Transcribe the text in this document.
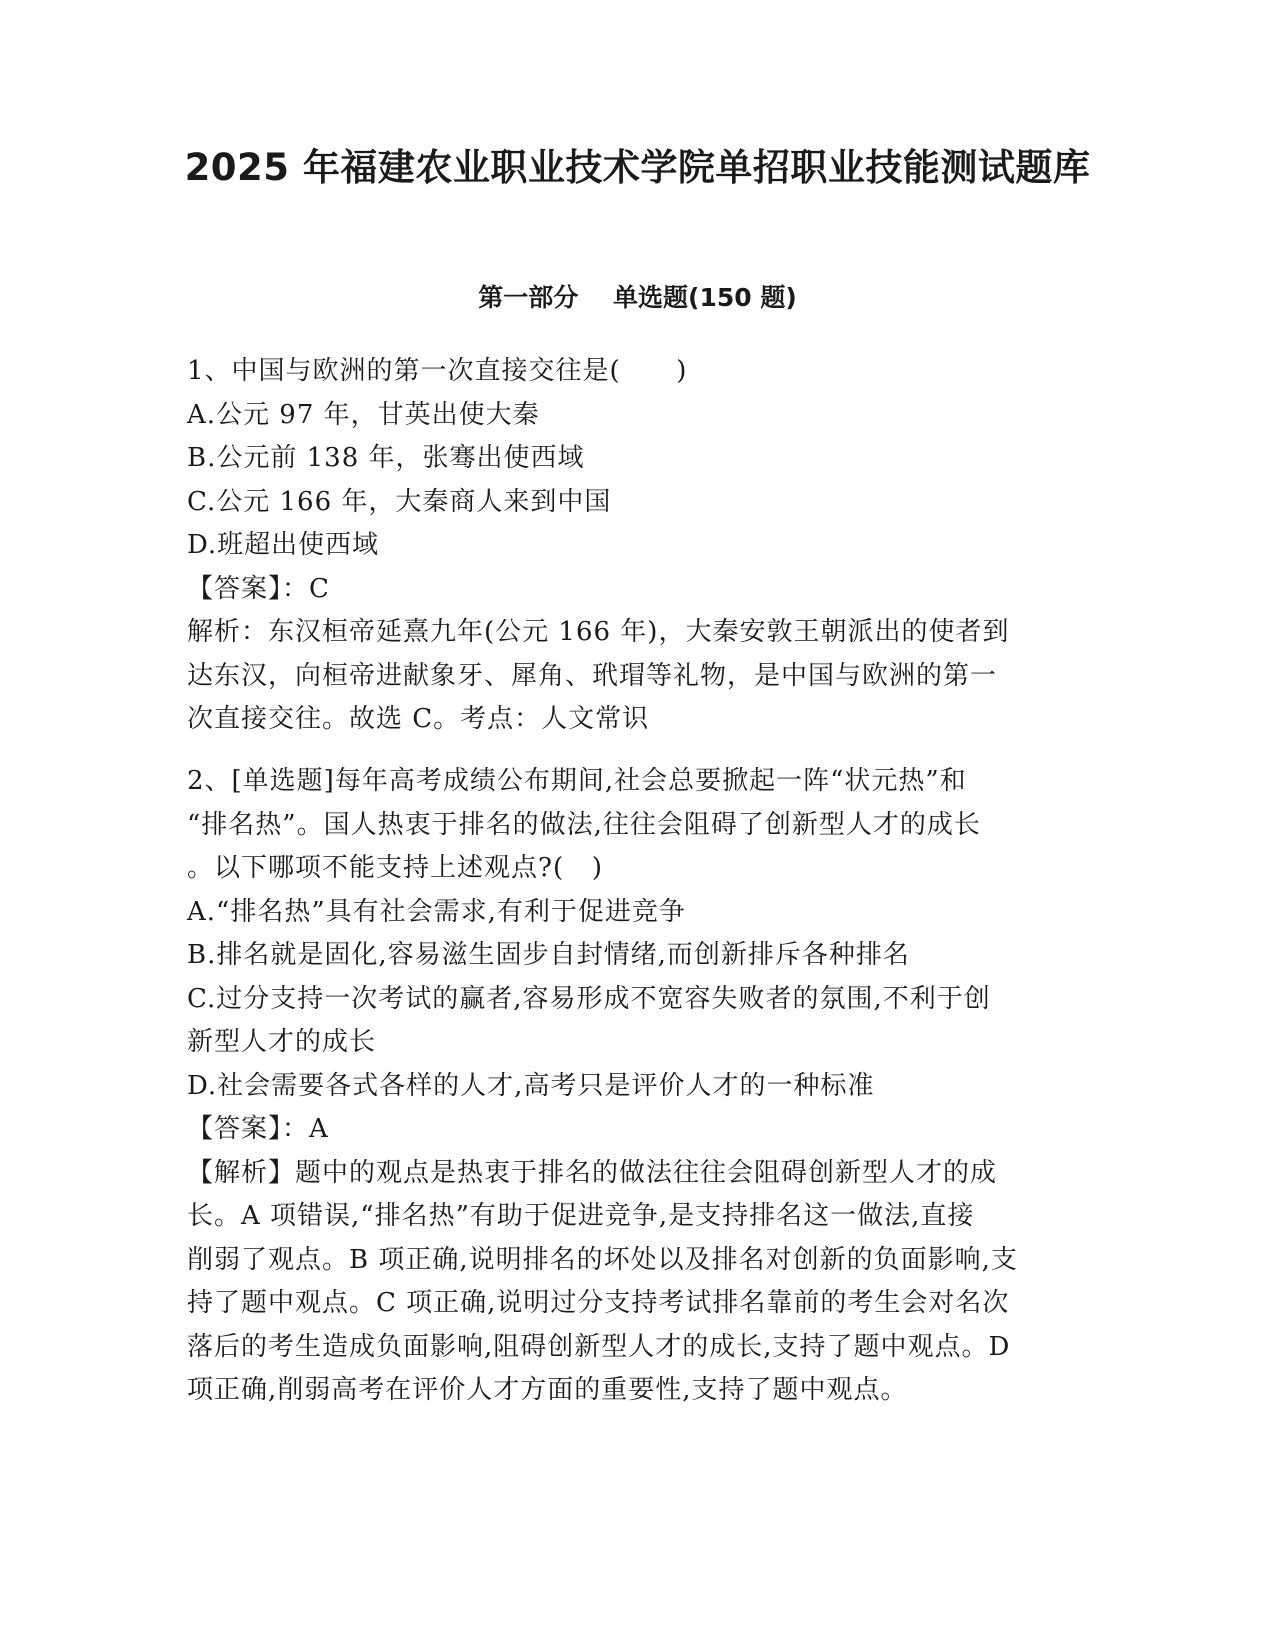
2025 年福建农业职业技术学院单招职业技能测试题库
第一部分    单选题(150 题)

1、中国与欧洲的第一次直接交往是(      )

A.公元 97 年，甘英出使大秦

B.公元前 138 年，张骞出使西域

C.公元 166 年，大秦商人来到中国

D.班超出使西域

【答案】：C

解析：东汉桓帝延熹九年(公元 166 年)，大秦安敦王朝派出的使者到

达东汉，向桓帝进献象牙、犀角、玳瑁等礼物，是中国与欧洲的第一

次直接交往。故选 C。考点：人文常识

2、[单选题]每年高考成绩公布期间,社会总要掀起一阵“状元热”和

“排名热”。国人热衷于排名的做法,往往会阻碍了创新型人才的成长

。以下哪项不能支持上述观点?(   )

A.“排名热”具有社会需求,有利于促进竞争

B.排名就是固化,容易滋生固步自封情绪,而创新排斥各种排名

C.过分支持一次考试的赢者,容易形成不宽容失败者的氛围,不利于创

新型人才的成长

D.社会需要各式各样的人才,高考只是评价人才的一种标准

【答案】：A

【解析】题中的观点是热衷于排名的做法往往会阻碍创新型人才的成

长。A 项错误,“排名热”有助于促进竞争,是支持排名这一做法,直接

削弱了观点。B 项正确,说明排名的坏处以及排名对创新的负面影响,支

持了题中观点。C 项正确,说明过分支持考试排名靠前的考生会对名次

落后的考生造成负面影响,阻碍创新型人才的成长,支持了题中观点。D

项正确,削弱高考在评价人才方面的重要性,支持了题中观点。
